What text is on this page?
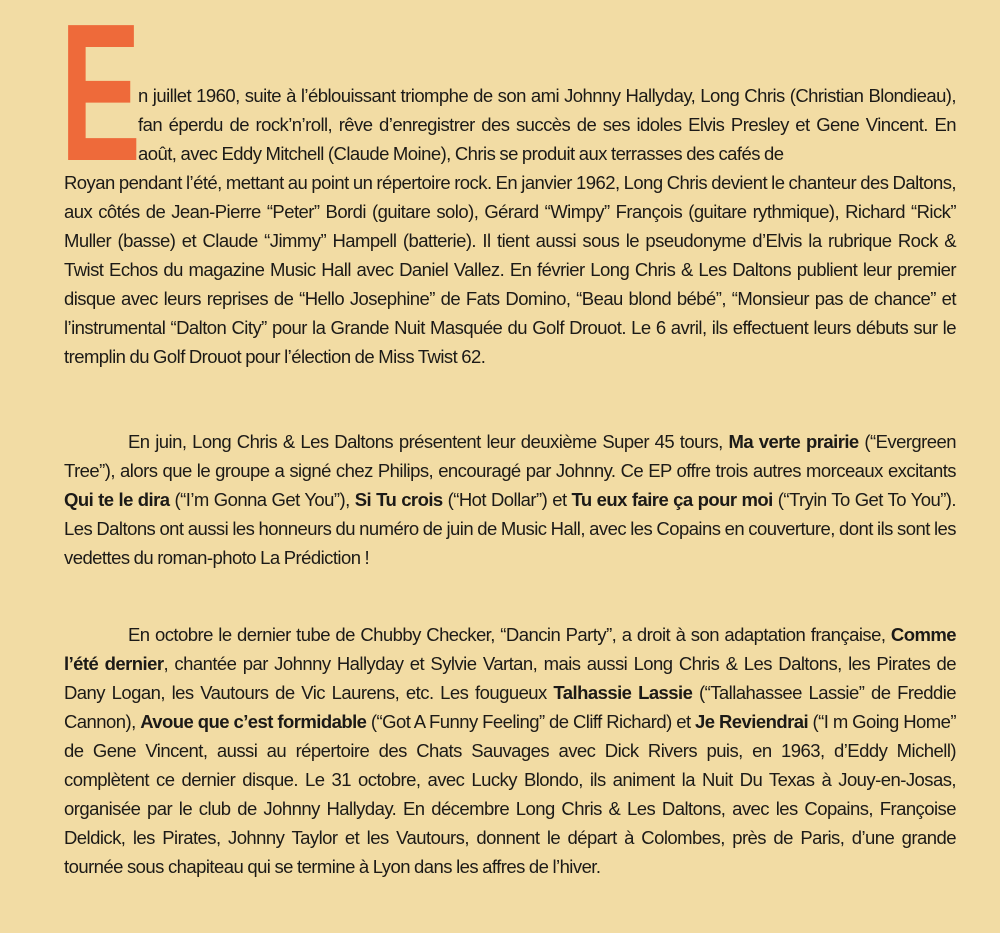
E

n juillet 1960, suite à l’éblouissant triomphe de son ami Johnny Hallyday, Long Chris (Christian Blondieau), fan éperdu de rock’n’roll, rêve d’enregistrer des succès de ses idoles Elvis Presley et Gene Vincent. En août, avec Eddy Mitchell (Claude Moine), Chris se produit aux terrasses des cafés de
Royan pendant l’été, mettant au point un répertoire rock. En janvier 1962, Long Chris devient le chanteur des Daltons, aux côtés de Jean-Pierre “Peter” Bordi (guitare solo), Gérard “Wimpy” François (guitare rythmique), Richard “Rick” Muller (basse) et Claude “Jimmy” Hampell (batterie). Il tient aussi sous le pseudonyme d’Elvis la rubrique Rock & Twist Echos du magazine Music Hall avec Daniel Vallez. En février Long Chris & Les Daltons publient leur premier disque avec leurs reprises de “Hello Josephine” de Fats Domino, “Beau blond bébé”, “Monsieur pas de chance” et l’instrumental “Dalton City” pour la Grande Nuit Masquée du Golf Drouot. Le 6 avril, ils effectuent leurs débuts sur le tremplin du Golf Drouot pour l’élection de Miss Twist 62.

En juin, Long Chris & Les Daltons présentent leur deuxième Super 45 tours, Ma verte prairie (“Evergreen Tree”), alors que le groupe a signé chez Philips, encouragé par Johnny. Ce EP offre trois autres morceaux excitants Qui te le dira (“I’m Gonna Get You”), Si Tu crois (“Hot Dollar”) et Tu eux faire ça pour moi (“Tryin To Get To You”). Les Daltons ont aussi les honneurs du numéro de juin de Music Hall, avec les Copains en couverture, dont ils sont les vedettes du roman-photo La Prédiction !

En octobre le dernier tube de Chubby Checker, “Dancin Party”, a droit à son adaptation française, Comme l’été dernier, chantée par Johnny Hallyday et Sylvie Vartan, mais aussi Long Chris & Les Daltons, les Pirates de Dany Logan, les Vautours de Vic Laurens, etc. Les fougueux Talhassie Lassie (“Tallahassee Lassie” de Freddie Cannon), Avoue que c’est formidable (“Got A Funny Feeling” de Cliff Richard) et Je Reviendrai (“I m Going Home” de Gene Vincent, aussi au répertoire des Chats Sauvages avec Dick Rivers puis, en 1963, d’Eddy Michell) complètent ce dernier disque. Le 31 octobre, avec Lucky Blondo, ils animent la Nuit Du Texas à Jouy-en-Josas, organisée par le club de Johnny Hallyday. En décembre Long Chris & Les Daltons, avec les Copains, Françoise Deldick, les Pirates, Johnny Taylor et les Vautours, donnent le départ à Colombes, près de Paris, d’une grande tournée sous chapiteau qui se termine à Lyon dans les affres de l’hiver.
